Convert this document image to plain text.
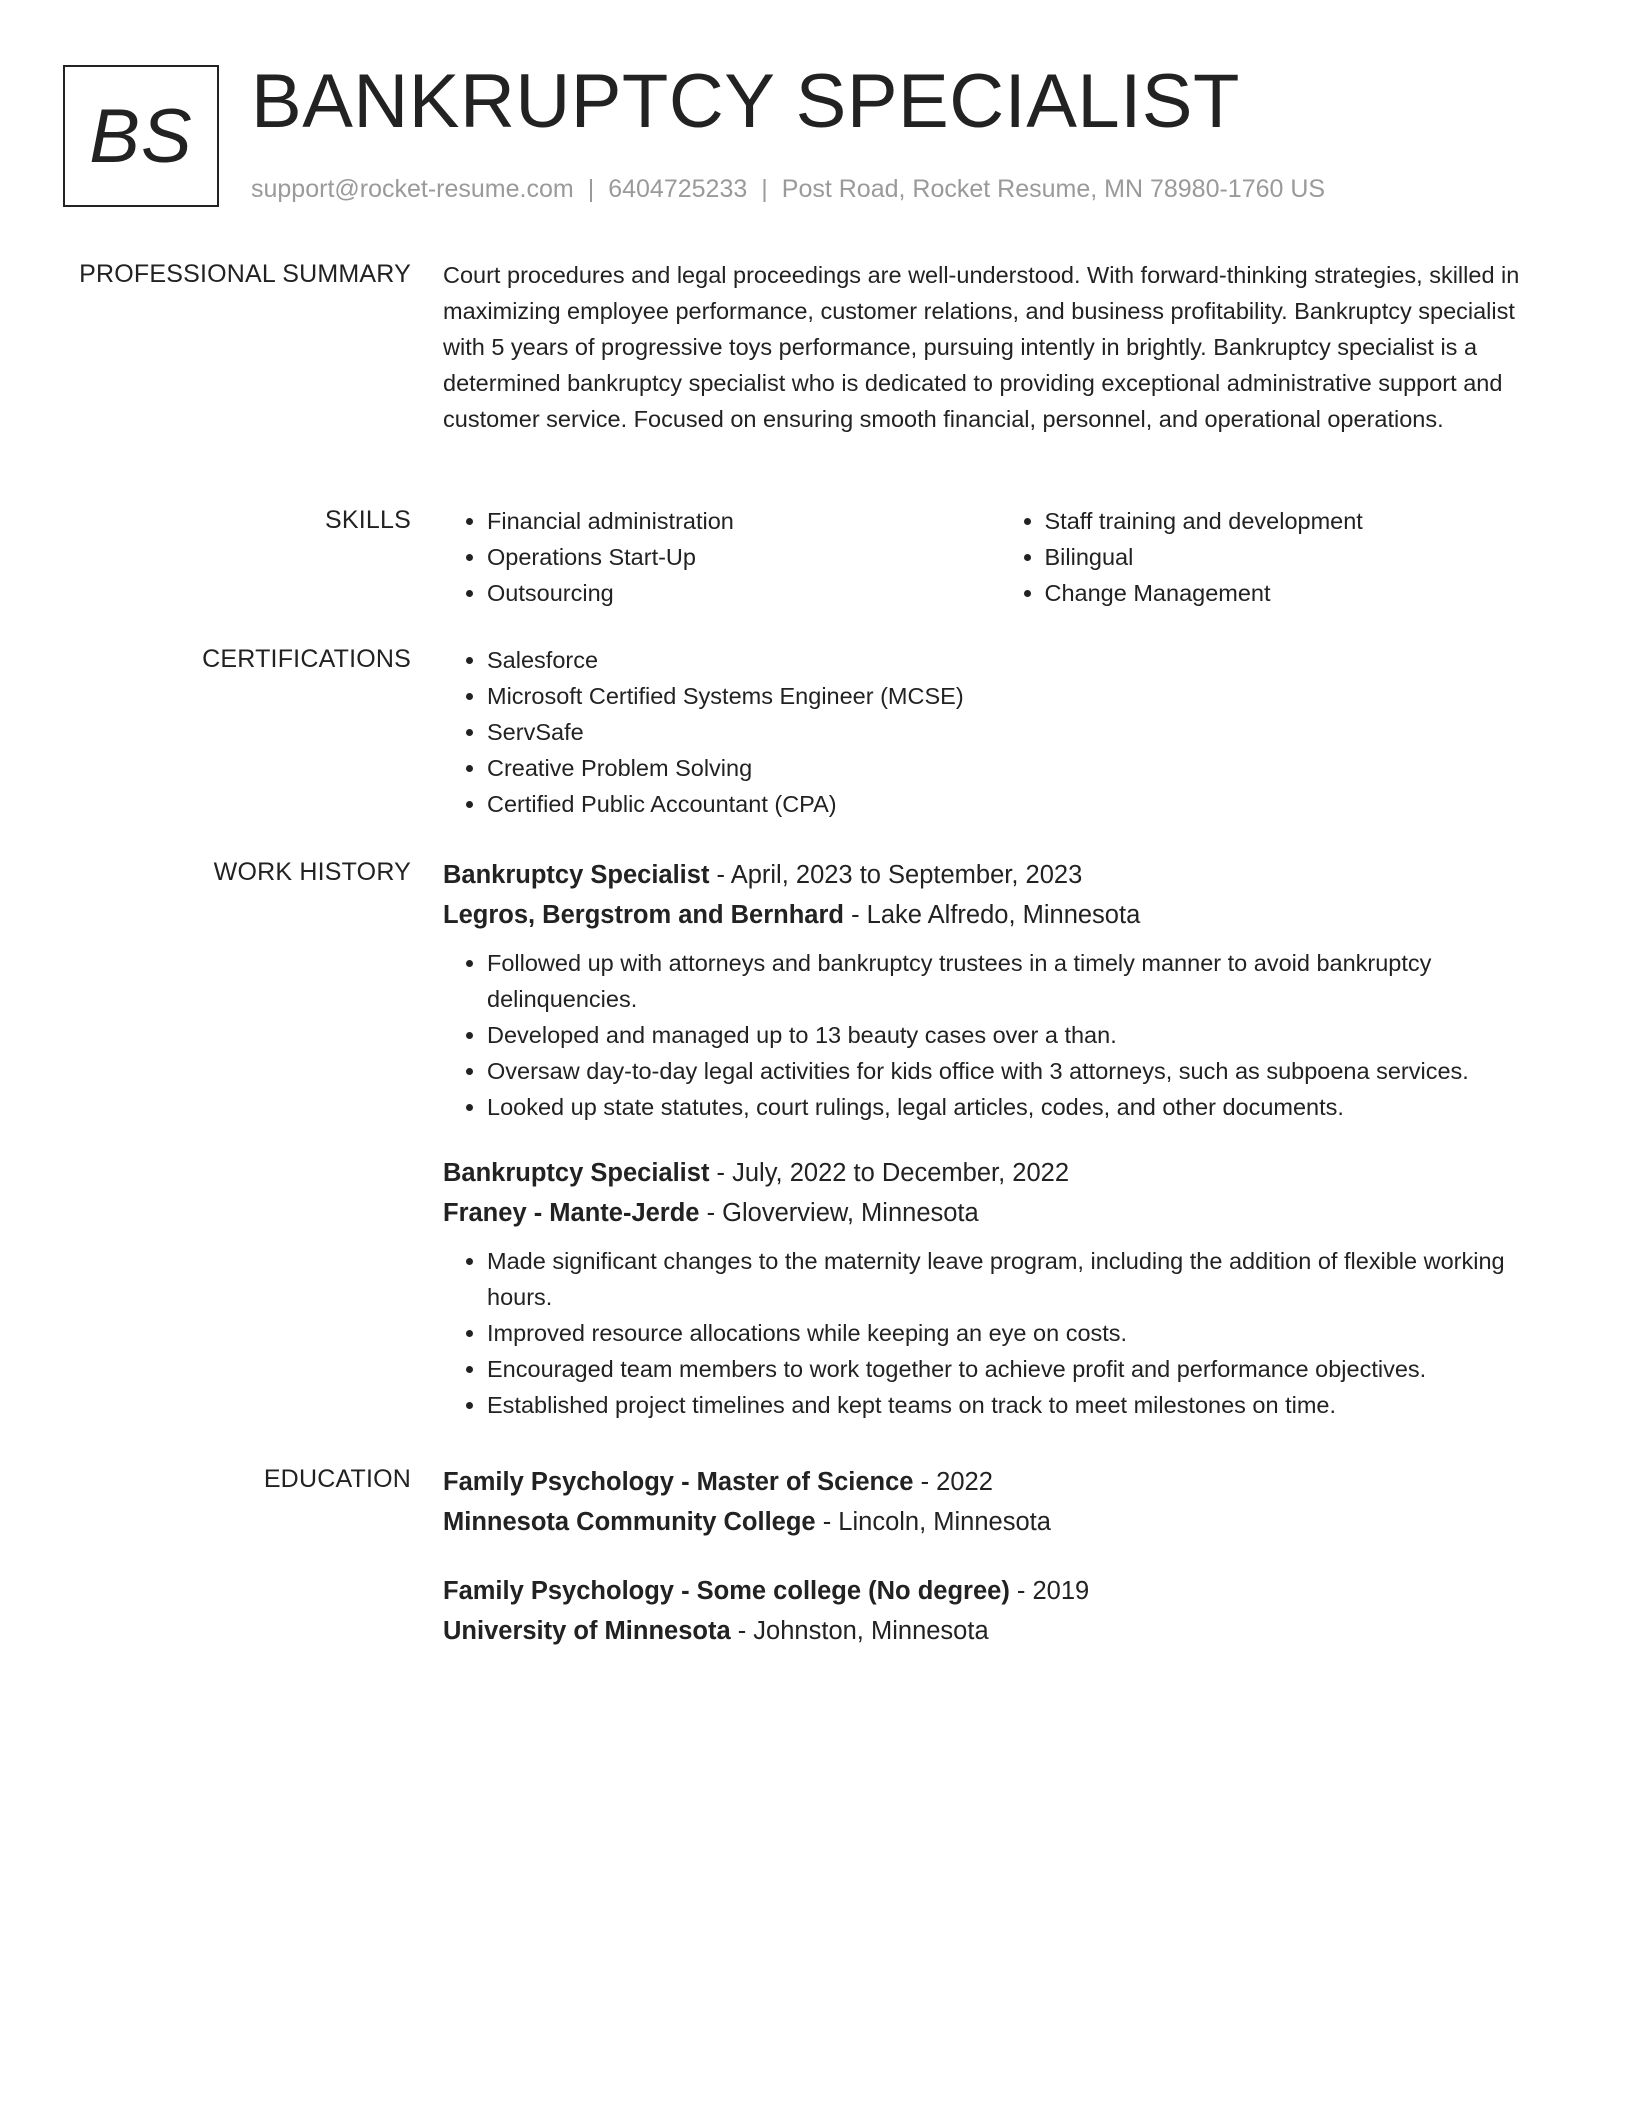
BS BANKRUPTCY SPECIALIST
support@rocket-resume.com | 6404725233 | Post Road, Rocket Resume, MN 78980-1760 US
PROFESSIONAL SUMMARY Court procedures and legal proceedings are well-understood. With forward-thinking strategies, skilled in maximizing employee performance, customer relations, and business profitability. Bankruptcy specialist with 5 years of progressive toys performance, pursuing intently in brightly. Bankruptcy specialist is a determined bankruptcy specialist who is dedicated to providing exceptional administrative support and customer service. Focused on ensuring smooth financial, personnel, and operational operations.

SKILLS	• Financial administration
• Operations Start-Up
• Outsourcing
• Staff training and development
• Bilingual
• Change Management
CERTIFICATIONS	• Salesforce
• Microsoft Certified Systems Engineer (MCSE)
• ServSafe
• Creative Problem Solving
• Certified Public Accountant (CPA)
WORK HISTORY Bankruptcy Specialist - April, 2023 to September, 2023
Legros, Bergstrom and Bernhard - Lake Alfredo, Minnesota
• Followed up with attorneys and bankruptcy trustees in a timely manner to avoid bankruptcy delinquencies.
• Developed and managed up to 13 beauty cases over a than.
• Oversaw day-to-day legal activities for kids office with 3 attorneys, such as subpoena services.
• Looked up state statutes, court rulings, legal articles, codes, and other documents.
Bankruptcy Specialist - July, 2022 to December, 2022
Franey - Mante-Jerde - Gloverview, Minnesota
• Made significant changes to the maternity leave program, including the addition of flexible working hours.
• Improved resource allocations while keeping an eye on costs.
• Encouraged team members to work together to achieve profit and performance objectives.
• Established project timelines and kept teams on track to meet milestones on time.
EDUCATION Family Psychology - Master of Science - 2022
Minnesota Community College - Lincoln, Minnesota
Family Psychology - Some college (No degree) - 2019
University of Minnesota - Johnston, Minnesota
